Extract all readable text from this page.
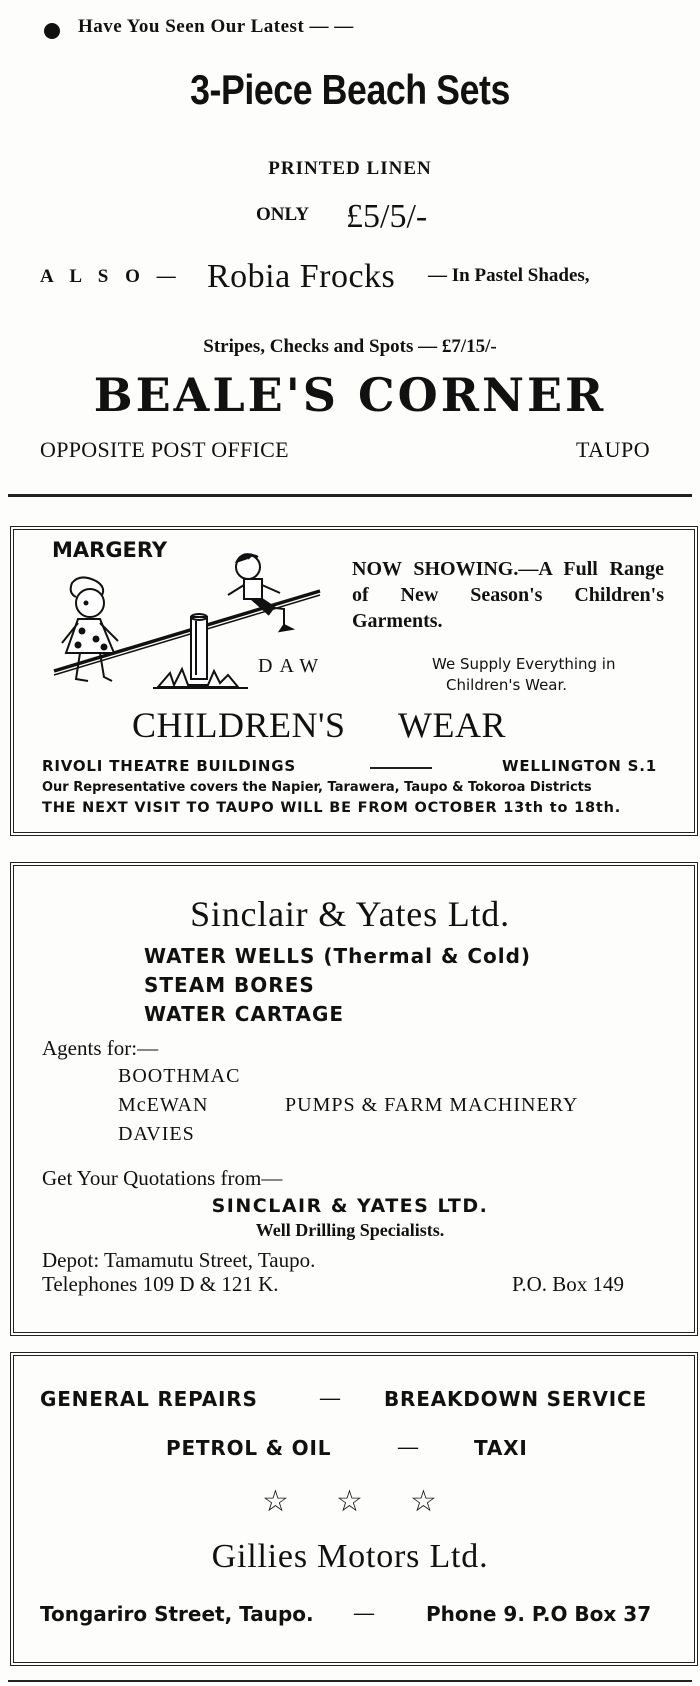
Have You Seen Our Latest — —
3-Piece Beach Sets
PRINTED LINEN
ONLY £5/5/-
A L S O — Robia Frocks — In Pastel Shades,
Stripes, Checks and Spots — £7/15/-
BEALE'S CORNER
OPPOSITE POST OFFICE	TAUPO
MARGERY
NOW SHOWING.—A Full Range of New Season's Children's Garments.
DAW	We Supply Everything in
Children's Wear.
CHILDREN'S WEAR
RIVOLI THEATRE BUILDINGS	WELLINGTON S.1
Our Representative covers the Napier, Tarawera, Taupo & Tokoroa Districts
THE NEXT VISIT TO TAUPO WILL BE FROM OCTOBER 13th to 18th.
Sinclair & Yates Ltd.
WATER WELLS (Thermal & Cold)
STEAM BORES
WATER CARTAGE
Agents for:—
BOOTHMAC
McEWAN
DAVIES
PUMPS & FARM MACHINERY
Get Your Quotations from—
SINCLAIR & YATES LTD.
Well Drilling Specialists.
Depot: Tamamutu Street, Taupo.
Telephones 109 D & 121 K.	P.O. Box 149
GENERAL REPAIRS	— BREAKDOWN SERVICE
PETROL & OIL	—	TAXI
☆ ☆ ☆
Gillies Motors Ltd.
Tongariro Street, Taupo. —	Phone 9. P.O Box 37
